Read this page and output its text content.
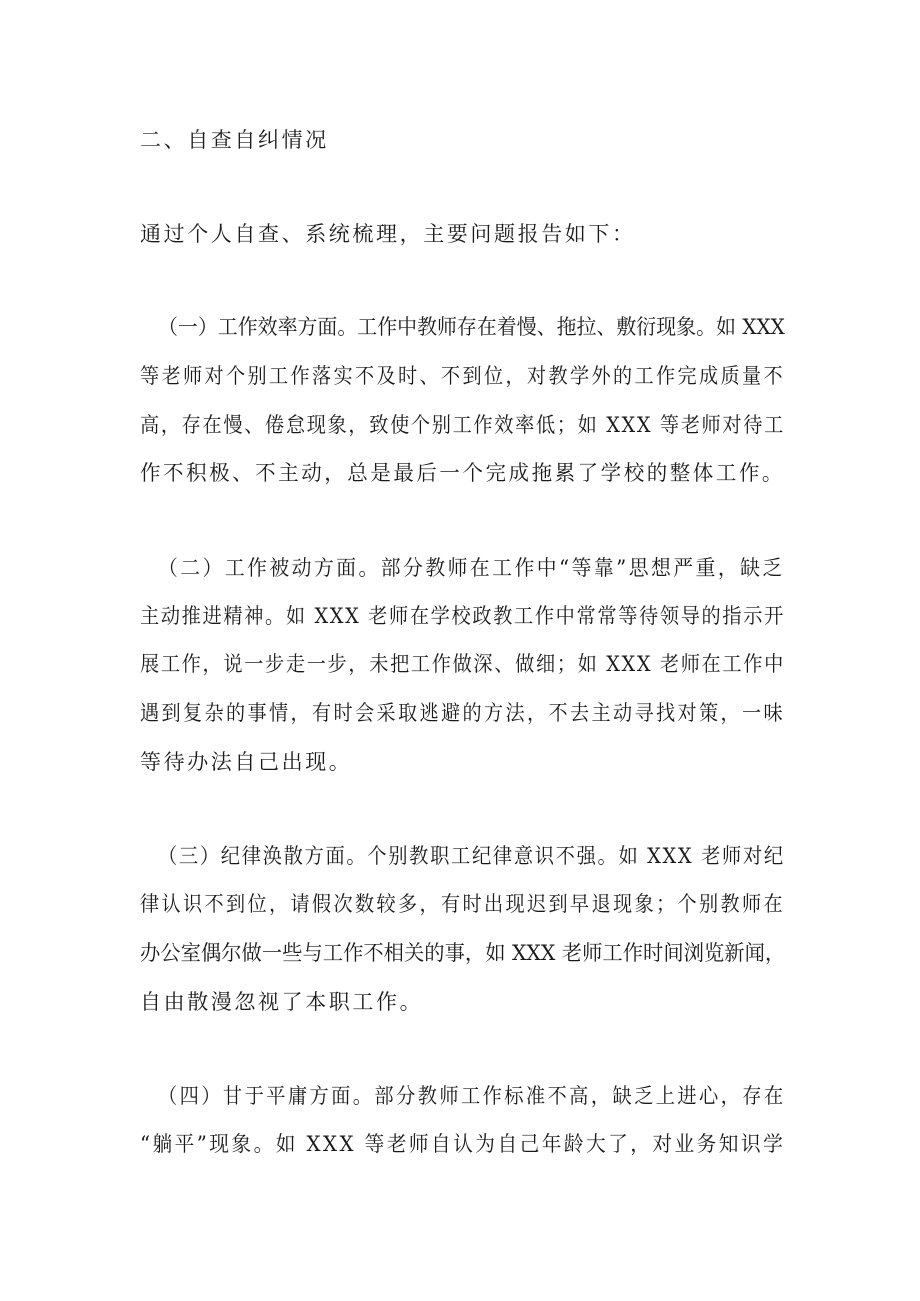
二、自查自纠情况
通过个人自查、系统梳理，主要问题报告如下：
（一）工作效率方面。工作中教师存在着慢、拖拉、敷衍现象。如 XXX
等老师对个别工作落实不及时、不到位，对教学外的工作完成质量不
高，存在慢、倦怠现象，致使个别工作效率低；如 XXX 等老师对待工
作不积极、不主动，总是最后一个完成拖累了学校的整体工作。
（二）工作被动方面。部分教师在工作中“等靠”思想严重，缺乏
主动推进精神。如 XXX 老师在学校政教工作中常常等待领导的指示开
展工作，说一步走一步，未把工作做深、做细；如 XXX 老师在工作中
遇到复杂的事情，有时会采取逃避的方法，不去主动寻找对策，一味
等待办法自己出现。
（三）纪律涣散方面。个别教职工纪律意识不强。如 XXX 老师对纪
律认识不到位，请假次数较多，有时出现迟到早退现象；个别教师在
办公室偶尔做一些与工作不相关的事，如 XXX 老师工作时间浏览新闻，
自由散漫忽视了本职工作。
（四）甘于平庸方面。部分教师工作标准不高，缺乏上进心，存在
“躺平”现象。如 XXX 等老师自认为自己年龄大了，对业务知识学
